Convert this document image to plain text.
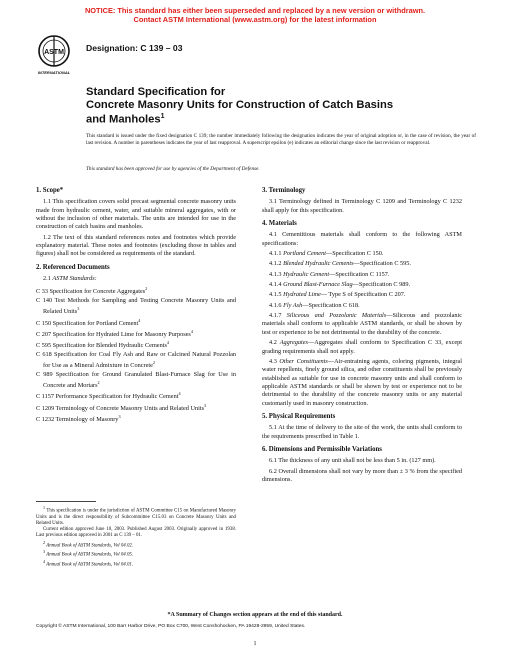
NOTICE: This standard has either been superseded and replaced by a new version or withdrawn.
Contact ASTM International (www.astm.org) for the latest information
ASTM
INTERNATIONAL
Designation: C 139 – 03
Standard Specification for
Concrete Masonry Units for Construction of Catch Basins
and Manholes$^1$
This standard is issued under the fixed designation C 139; the number immediately following the designation indicates the year of original adoption or, in the case of revision, the year of last revision. A number in parentheses indicates the year of last reapproval. A superscript epsilon (e) indicates an editorial change since the last revision or reapproval.
This standard has been approved for use by agencies of the Department of Defense.
1. Scope*

1.1 This specification covers solid precast segmental concrete masonry units made from hydraulic cement, water, and suitable mineral aggregates, with or without the inclusion of other materials. The units are intended for use in the construction of catch basins and manholes.

1.2 The text of this standard references notes and footnotes which provide explanatory material. These notes and footnotes (excluding those in tables and figures) shall not be considered as requirements of the standard.

2. Referenced Documents

2.1 ASTM Standards:

C 33 Specification for Concrete Aggregates$^2$
C 140 Test Methods for Sampling and Testing Concrete Masonry Units and Related Units$^3$
C 150 Specification for Portland Cement$^4$
C 207 Specification for Hydrated Lime for Masonry Purposes$^4$
C 595 Specification for Blended Hydraulic Cements$^4$
C 618 Specification for Coal Fly Ash and Raw or Calcined Natural Pozzolan for Use as a Mineral Admixture in Concrete$^2$
C 989 Specification for Ground Granulated Blast-Furnace Slag for Use in Concrete and Mortars$^2$
C 1157 Performance Specification for Hydraulic Cement$^4$
C 1209 Terminology of Concrete Masonry Units and Related Units$^3$
C 1232 Terminology of Masonry$^3$

$^1$ This specification is under the jurisdiction of ASTM Committee C15 on Manufactured Masonry Units and is the direct responsibility of Subcommittee C15.03 on Concrete Masonry Units and Related Units.

Current edition approved June 10, 2003. Published August 2003. Originally approved in 1938. Last previous edition approved in 2001 as C 139 – 01.

$^2$ Annual Book of ASTM Standards, Vol 04.02.

$^3$ Annual Book of ASTM Standards, Vol 04.05.

$^4$ Annual Book of ASTM Standards, Vol 04.01.

3. Terminology

3.1 Terminology defined in Terminology C 1209 and Terminology C 1232 shall apply for this specification.

4. Materials

4.1 Cementitious materials shall conform to the following ASTM specifications:

4.1.1 Portland Cement—Specification C 150.

4.1.2 Blended Hydraulic Cements—Specification C 595.

4.1.3 Hydraulic Cement—Specification C 1157.

4.1.4 Ground Blast-Furnace Slag—Specification C 989.

4.1.5 Hydrated Lime— Type S of Specification C 207.

4.1.6 Fly Ash—Specification C 618.

4.1.7 Siliceous and Pozzolanic Materials—Siliceous and pozzolanic materials shall conform to applicable ASTM standards, or shall be shown by test or experience to be not detrimental to the durability of the concrete.

4.2 Aggregates—Aggregates shall conform to Specification C 33, except grading requirements shall not apply.

4.3 Other Constituents—Air-entraining agents, coloring pigments, integral water repellents, finely ground silica, and other constituents shall be previously established as suitable for use in concrete masonry units and shall conform to applicable ASTM standards or shall be shown by test or experience not to be detrimental to the durability of the concrete masonry units or any material customarily used in masonry construction.

5. Physical Requirements

5.1 At the time of delivery to the site of the work, the units shall conform to the requirements prescribed in Table 1.

6. Dimensions and Permissible Variations

6.1 The thickness of any unit shall not be less than 5 in. (127 mm).

6.2 Overall dimensions shall not vary by more than ± 3 % from the specified dimensions.

*A Summary of Changes section appears at the end of this standard.
Copyright © ASTM International, 100 Barr Harbor Drive, PO Box C700, West Conshohocken, PA 19428-2959, United States.
1
